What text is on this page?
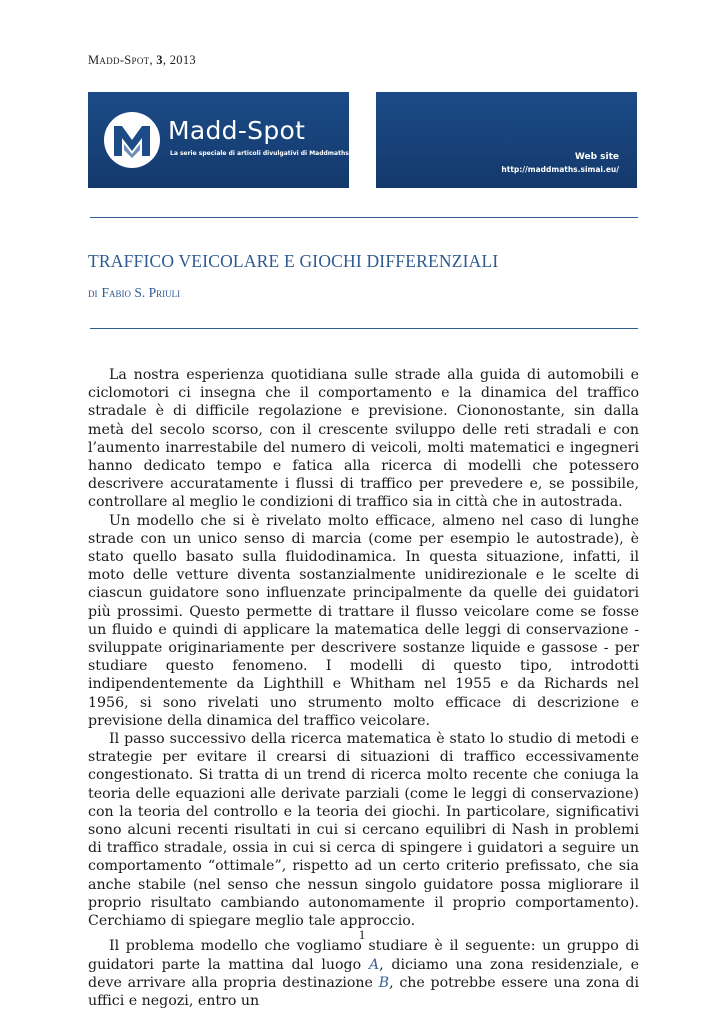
Madd-Spot, 3, 2013
Madd-Spot
La serie speciale di articoli divulgativi di Maddmaths!	Web site
http://maddmaths.simai.eu/
TRAFFICO VEICOLARE E GIOCHI DIFFERENZIALI
di Fabio S. Priuli

La nostra esperienza quotidiana sulle strade alla guida di automobili e ciclomotori ci insegna che il comportamento e la dinamica del traffico stradale è di difficile regolazione e previsione. Ciononostante, sin dalla metà del secolo scorso, con il crescente sviluppo delle reti stradali e con l’aumento inarrestabile del numero di veicoli, molti matematici e ingegneri hanno dedicato tempo e fatica alla ricerca di modelli che potessero descrivere accuratamente i flussi di traffico per prevedere e, se possibile, controllare al meglio le condizioni di traffico sia in città che in autostrada.

Un modello che si è rivelato molto efficace, almeno nel caso di lunghe strade con un unico senso di marcia (come per esempio le autostrade), è stato quello basato sulla fluidodinamica. In questa situazione, infatti, il moto delle vetture diventa sostanzialmente unidirezionale e le scelte di ciascun guidatore sono influenzate principalmente da quelle dei guidatori più prossimi. Questo permette di trattare il flusso veicolare come se fosse un fluido e quindi di applicare la matematica delle leggi di conservazione - sviluppate originariamente per descrivere sostanze liquide e gassose - per studiare questo fenomeno. I modelli di questo tipo, introdotti indipendentemente da Lighthill e Whitham nel 1955 e da Richards nel 1956, si sono rivelati uno strumento molto efficace di descrizione e previsione della dinamica del traffico veicolare.

Il passo successivo della ricerca matematica è stato lo studio di metodi e strategie per evitare il crearsi di situazioni di traffico eccessivamente congestionato. Si tratta di un trend di ricerca molto recente che coniuga la teoria delle equazioni alle derivate parziali (come le leggi di conservazione) con la teoria del controllo e la teoria dei giochi. In particolare, significativi sono alcuni recenti risultati in cui si cercano equilibri di Nash in problemi di traffico stradale, ossia in cui si cerca di spingere i guidatori a seguire un comportamento “ottimale”, rispetto ad un certo criterio prefissato, che sia anche stabile (nel senso che nessun singolo guidatore possa migliorare il proprio risultato cambiando autonomamente il proprio comportamento). Cerchiamo di spiegare meglio tale approccio.

Il problema modello che vogliamo studiare è il seguente: un gruppo di guidatori parte la mattina dal luogo A, diciamo una zona residenziale, e deve arrivare alla propria destinazione B, che potrebbe essere una zona di uffici e negozi, entro un

1
